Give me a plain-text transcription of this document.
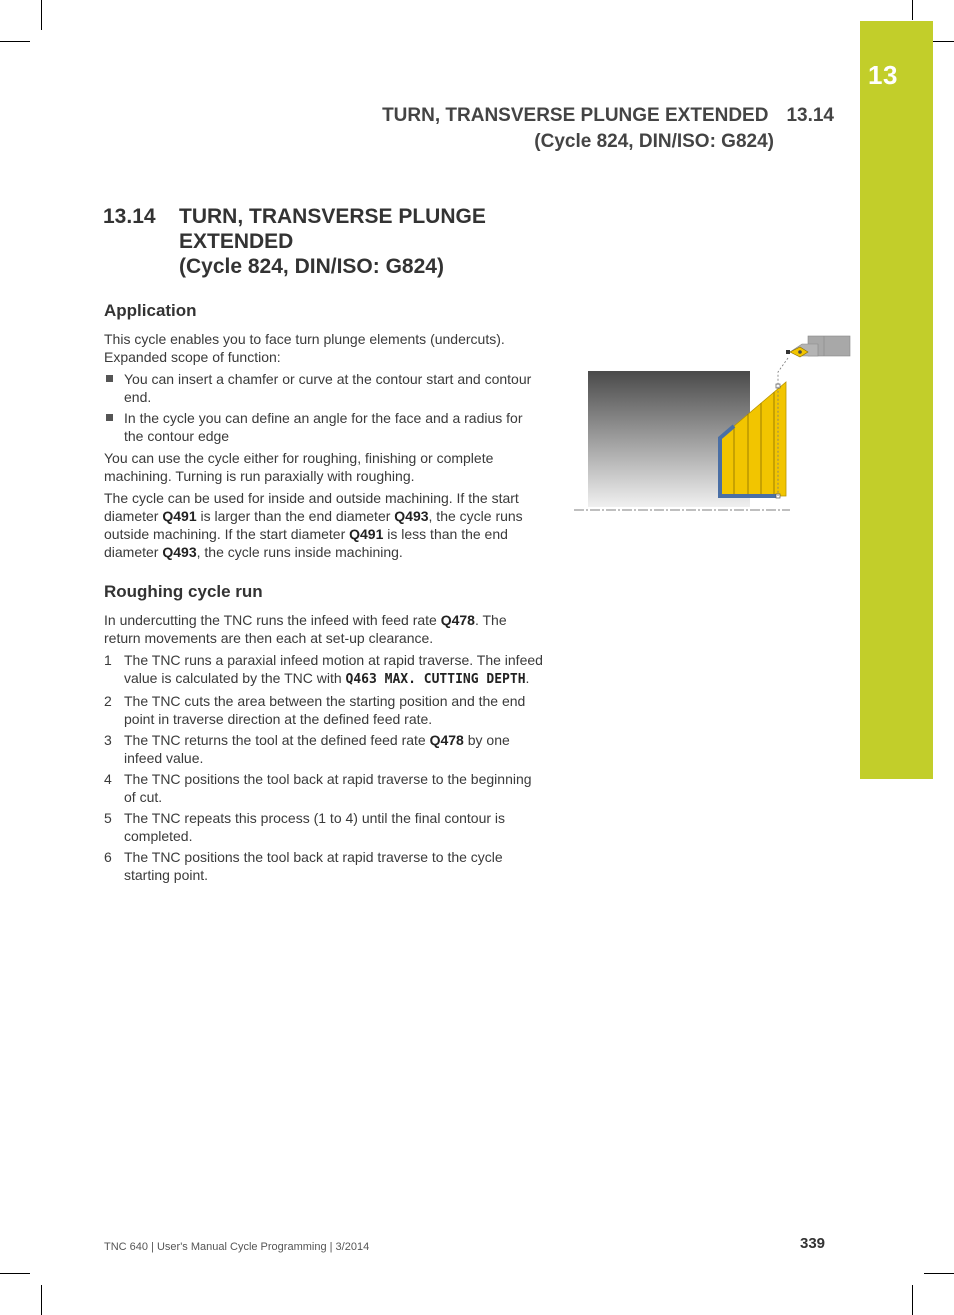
13
TURN, TRANSVERSE PLUNGE EXTENDED 13.14
(Cycle 824, DIN/ISO: G824)
13.14 TURN, TRANSVERSE PLUNGE
EXTENDED
(Cycle 824, DIN/ISO: G824)
Application

This cycle enables you to face turn plunge elements (undercuts). Expanded scope of function:

You can insert a chamfer or curve at the contour start and contour end.
In the cycle you can define an angle for the face and a radius for the contour edge

You can use the cycle either for roughing, finishing or complete machining. Turning is run paraxially with roughing.

The cycle can be used for inside and outside machining. If the start diameter Q491 is larger than the end diameter Q493, the cycle runs outside machining. If the start diameter Q491 is less than the end diameter Q493, the cycle runs inside machining.

Roughing cycle run

In undercutting the TNC runs the infeed with feed rate Q478. The return movements are then each at set-up clearance.

1 The TNC runs a paraxial infeed motion at rapid traverse. The infeed value is calculated by the TNC with Q463 MAX. CUTTING DEPTH.
2 The TNC cuts the area between the starting position and the end point in traverse direction at the defined feed rate.
3 The TNC returns the tool at the defined feed rate Q478 by one infeed value.
4 The TNC positions the tool back at rapid traverse to the beginning of cut.
5 The TNC repeats this process (1 to 4) until the final contour is completed.
6 The TNC positions the tool back at rapid traverse to the cycle starting point.
TNC 640 | User's Manual Cycle Programming | 3/2014	339
